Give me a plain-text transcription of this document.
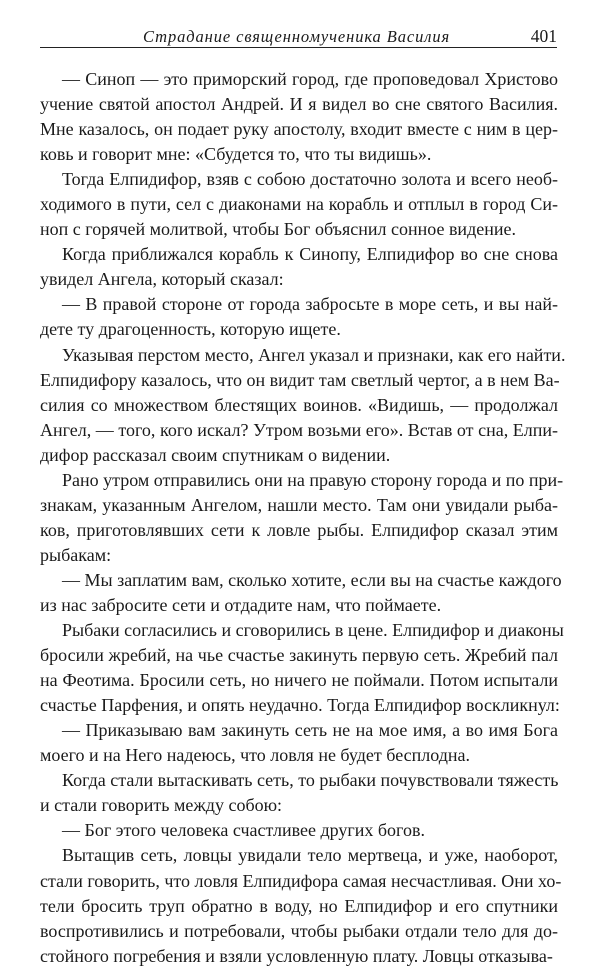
Страдание священномученика Василия	401
— Синоп — это приморский город, где проповедовал Христово
учение святой апостол Андрей. И я видел во сне святого Василия.
Мне казалось, он подает руку апостолу, входит вместе с ним в цер-
ковь и говорит мне: «Сбудется то, что ты видишь».
Тогда Елпидифор, взяв с собою достаточно золота и всего необ-
ходимого в пути, сел с диаконами на корабль и отплыл в город Си-
ноп с горячей молитвой, чтобы Бог объяснил сонное видение.
Когда приближался корабль к Синопу, Елпидифор во сне снова
увидел Ангела, который сказал:
— В правой стороне от города забросьте в море сеть, и вы най-
дете ту драгоценность, которую ищете.
Указывая перстом место, Ангел указал и признаки, как его найти.
Елпидифору казалось, что он видит там светлый чертог, а в нем Ва-
силия со множеством блестящих воинов. «Видишь, — продолжал
Ангел, — того, кого искал? Утром возьми его». Встав от сна, Елпи-
дифор рассказал своим спутникам о видении.
Рано утром отправились они на правую сторону города и по при-
знакам, указанным Ангелом, нашли место. Там они увидали рыбa-
ков, приготовлявших сети к ловле рыбы. Елпидифор сказал этим
рыбакам:
— Мы заплатим вам, сколько хотите, если вы на счастье каждого
из нас забросите сети и отдадите нам, что поймаете.
Рыбаки согласились и сговорились в цене. Елпидифор и диаконы
бросили жребий, на чье счастье закинуть первую сеть. Жребий пал
на Феотима. Бросили сеть, но ничего не поймали. Потом испытали
счастье Парфения, и опять неудачно. Тогда Елпидифор воскликнул:
— Приказываю вам закинуть сеть не на мое имя, а во имя Бога
моего и на Него надеюсь, что ловля не будет бесплодна.
Когда стали вытаскивать сеть, то рыбаки почувствовали тяжесть
и стали говорить между собою:
— Бог этого человека счастливее других богов.
Вытащив сеть, ловцы увидали тело мертвеца, и уже, наоборот,
стали говорить, что ловля Елпидифора самая несчастливая. Они хо-
тели бросить труп обратно в воду, но Елпидифор и его спутники
воспротивились и потребовали, чтобы рыбаки отдали тело для до-
стойного погребения и взяли условленную плату. Ловцы отказыва-
